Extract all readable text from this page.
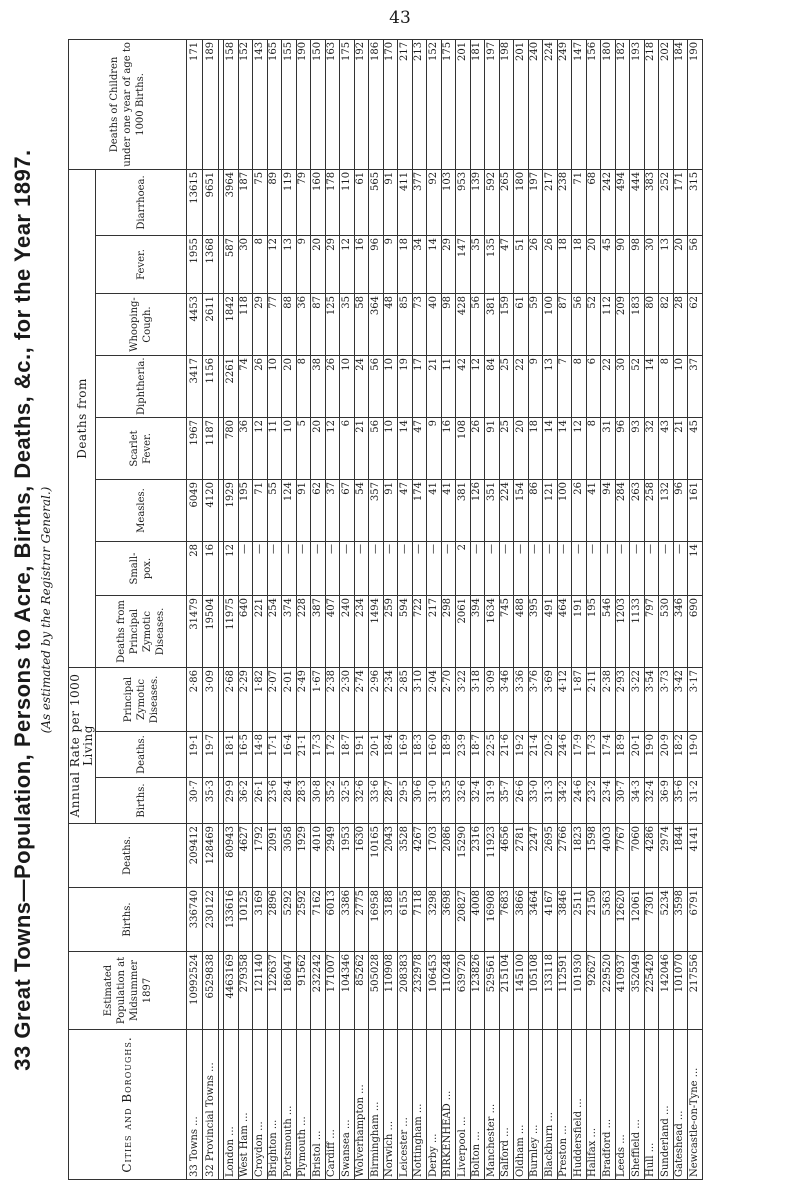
43
33 Great Towns—Population, Persons to Acre, Births, Deaths, &c., for the Year 1897. (As estimated by the Registrar General.)
Cities and Boroughs.	Estimated Population at Midsummer 1897	Births.	Deaths.	Annual Rate per 1000 Living			Deaths from								Deaths of Children under one year of age to 1000 Births.
				Births.	Deaths.	Principal Zymotic Diseases.	Deaths from Principal Zymotic Diseases.	Small-pox.	Measles.	Scarlet Fever.	Diphtheria.	Whooping-Cough.	Fever.	Diarrhoea.	
33 Towns ...	10992524	336740	209412	30·7	19·1	2·86	31479	28	6049	1967	3417	4453	1955	13615	171
32 Provincial Towns ...	6529838	230122	128469	35·3	19·7	3·09	19504	16	4120	1187	1156	2611	1368	9651	189

London ...	4463169	133616	80943	29·9	18·1	2·68	11975	12	1929	780	2261	1842	587	3964	158
West Ham ...	279358	10125	4627	36·2	16·5	2·29	640	—	195	36	74	118	30	187	152
Croydon ...	121140	3169	1792	26·1	14·8	1·82	221	—	71	12	26	29	8	75	143
Brighton ...	122637	2896	2091	23·6	17·1	2·07	254	—	55	11	10	77	12	89	165
Portsmouth ...	186047	5292	3058	28·4	16·4	2·01	374	—	124	10	20	88	13	119	155
Plymouth ...	91562	2592	1929	28·3	21·1	2·49	228	—	91	5	8	36	9	79	190
Bristol ...	232242	7162	4010	30·8	17·3	1·67	387	—	62	20	38	87	20	160	150
Cardiff ...	171007	6013	2949	35·2	17·2	2·38	407	—	37	12	26	125	29	178	163
Swansea ...	104346	3386	1953	32·5	18·7	2·30	240	—	67	6	10	35	12	110	175
Wolverhampton ...	85262	2775	1630	32·6	19·1	2·74	234	—	54	21	24	58	16	61	192
Birmingham ...	505028	16958	10165	33·6	20·1	2·96	1494	—	357	56	56	364	96	565	186
Norwich ...	110908	3188	2043	28·7	18·4	2·34	259	—	91	10	10	48	9	91	170
Leicester ...	208383	6155	3528	29·5	16·9	2·85	594	—	47	14	19	85	18	411	217
Nottingham ...	232978	7118	4267	30·6	18·3	3·10	722	—	174	47	17	73	34	377	213
Derby ...	106453	3298	1703	31·0	16·0	2·04	217	—	41	9	21	40	14	92	152
BIRKENHEAD ...	110248	3698	2086	33·5	18·9	2·70	298	—	41	16	11	98	29	103	175
Liverpool ...	639720	20827	15290	32·6	23·9	3·22	2061	2	381	108	42	428	147	953	201
Bolton ...	123826	4008	2316	32·4	18·7	3·18	394	—	126	26	12	56	35	139	181
Manchester ...	529561	16908	11923	31·9	22·5	3·09	1634	—	351	91	84	381	135	592	197
Salford ...	215104	7683	4656	35·7	21·6	3·46	745	—	224	25	25	159	47	265	198
Oldham ...	145100	3866	2781	26·6	19·2	3·36	488	—	154	20	22	61	51	180	201
Burnley ...	105108	3464	2247	33·0	21·4	3·76	395	—	86	18	9	59	26	197	240
Blackburn ...	133118	4167	2695	31·3	20·2	3·69	491	—	121	14	13	100	26	217	224
Preston ...	112591	3846	2766	34·2	24·6	4·12	464	—	100	14	7	87	18	238	249
Huddersfield ...	101930	2511	1823	24·6	17·9	1·87	191	—	26	12	8	56	18	71	147
Halifax ...	92627	2150	1598	23·2	17·3	2·11	195	—	41	8	6	52	20	68	156
Bradford ...	229520	5363	4003	23·4	17·4	2·38	546	—	94	31	22	112	45	242	180
Leeds ...	410937	12620	7767	30·7	18·9	2·93	1203	—	284	96	30	209	90	494	182
Sheffield ...	352049	12061	7060	34·3	20·1	3·22	1133	—	263	93	52	183	98	444	193
Hull ...	225420	7301	4286	32·4	19·0	3·54	797	—	258	32	14	80	30	383	218
Sunderland ...	142046	5234	2974	36·9	20·9	3·73	530	—	132	43	8	82	13	252	202
Gateshead ...	101070	3598	1844	35·6	18·2	3·42	346	—	96	21	10	28	20	171	184
Newcastle-on-Tyne ...	217556	6791	4141	31·2	19·0	3·17	690	14	161	45	37	62	56	315	190
